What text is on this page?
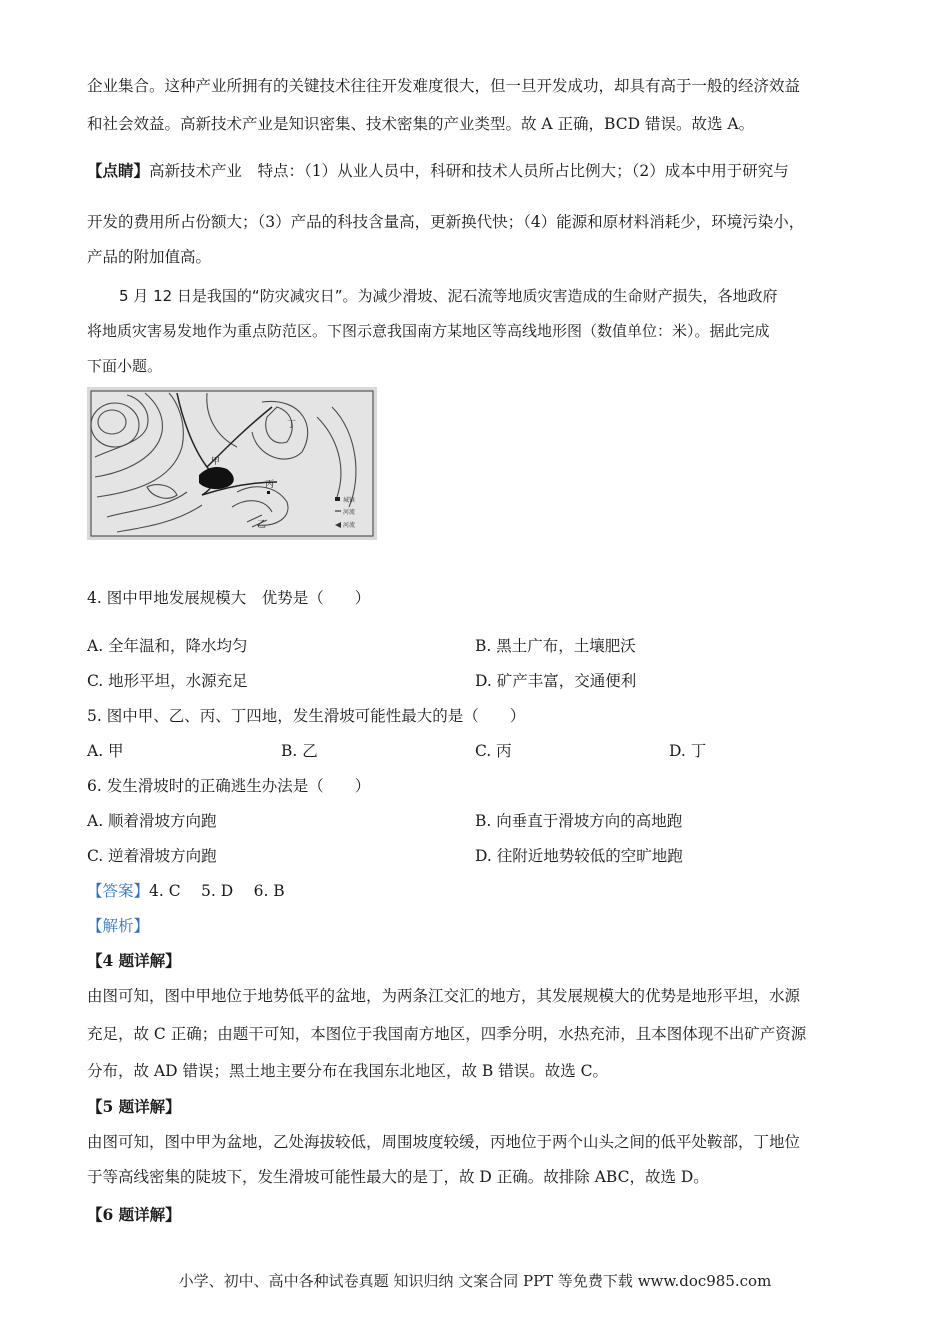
企业集合。这种产业所拥有的关键技术往往开发难度很大，但一旦开发成功，却具有高于一般的经济效益
和社会效益。高新技术产业是知识密集、技术密集的产业类型。故 A 正确，BCD 错误。故选 A。
【点睛】高新技术产业　特点：（1）从业人员中，科研和技术人员所占比例大；（2）成本中用于研究与
开发的费用所占份额大；（3）产品的科技含量高，更新换代快；（4）能源和原材料消耗少，环境污染小，
产品的附加值高。
5 月 12 日是我国的“防灾减灾日”。为减少滑坡、泥石流等地质灾害造成的生命财产损失，各地政府
将地质灾害易发地作为重点防范区。下图示意我国南方某地区等高线地形图（数值单位：米）。据此完成
下面小题。
丁
甲
乙
丙
城镇
河流
河流
4. 图中甲地发展规模大　优势是（　　）
A. 全年温和，降水均匀	B. 黑土广布，土壤肥沃
C. 地形平坦，水源充足	D. 矿产丰富，交通便利
5. 图中甲、乙、丙、丁四地，发生滑坡可能性最大的是（　　）
A. 甲	B. 乙	C. 丙	D. 丁
6. 发生滑坡时的正确逃生办法是（　　）
A. 顺着滑坡方向跑	B. 向垂直于滑坡方向的高地跑
C. 逆着滑坡方向跑	D. 往附近地势较低的空旷地跑
【答案】4. C　 5. D　 6. B
【解析】
【4 题详解】
由图可知，图中甲地位于地势低平的盆地，为两条江交汇的地方，其发展规模大的优势是地形平坦，水源
充足，故 C 正确；由题干可知，本图位于我国南方地区，四季分明，水热充沛，且本图体现不出矿产资源
分布，故 AD 错误；黑土地主要分布在我国东北地区，故 B 错误。故选 C。
【5 题详解】
由图可知，图中甲为盆地，乙处海拔较低，周围坡度较缓，丙地位于两个山头之间的低平处鞍部，丁地位
于等高线密集的陡坡下，发生滑坡可能性最大的是丁，故 D 正确。故排除 ABC，故选 D。
【6 题详解】
小学、初中、高中各种试卷真题 知识归纳 文案合同 PPT 等免费下载 www.doc985.com
